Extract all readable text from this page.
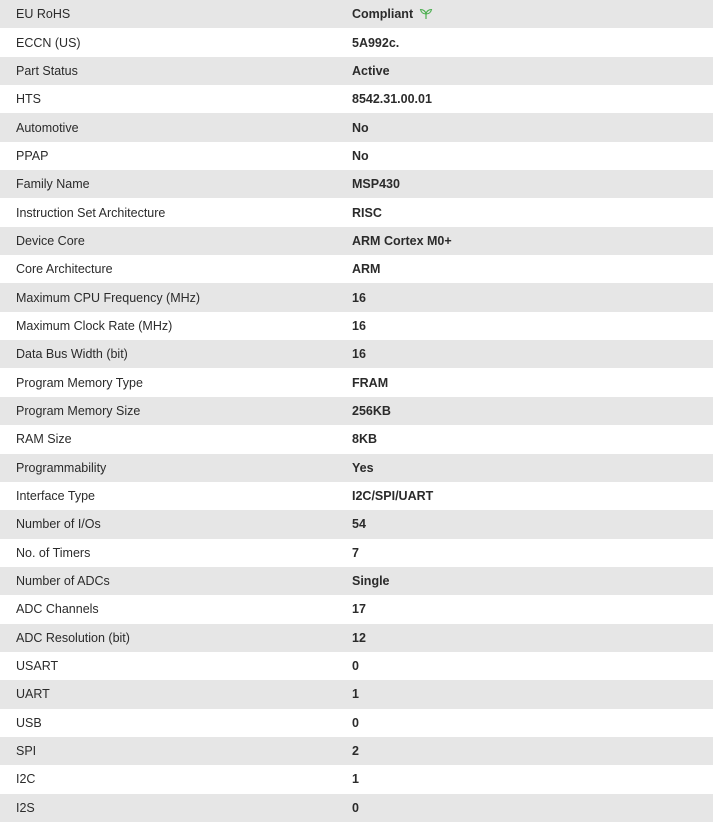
EU RoHS	Compliant
ECCN (US)	5A992c.
Part Status	Active
HTS	8542.31.00.01
Automotive	No
PPAP	No
Family Name	MSP430
Instruction Set Architecture	RISC
Device Core	ARM Cortex M0+
Core Architecture	ARM
Maximum CPU Frequency (MHz)	16
Maximum Clock Rate (MHz)	16
Data Bus Width (bit)	16
Program Memory Type	FRAM
Program Memory Size	256KB
RAM Size	8KB
Programmability	Yes
Interface Type	I2C/SPI/UART
Number of I/Os	54
No. of Timers	7
Number of ADCs	Single
ADC Channels	17
ADC Resolution (bit)	12
USART	0
UART	1
USB	0
SPI	2
I2C	1
I2S	0
